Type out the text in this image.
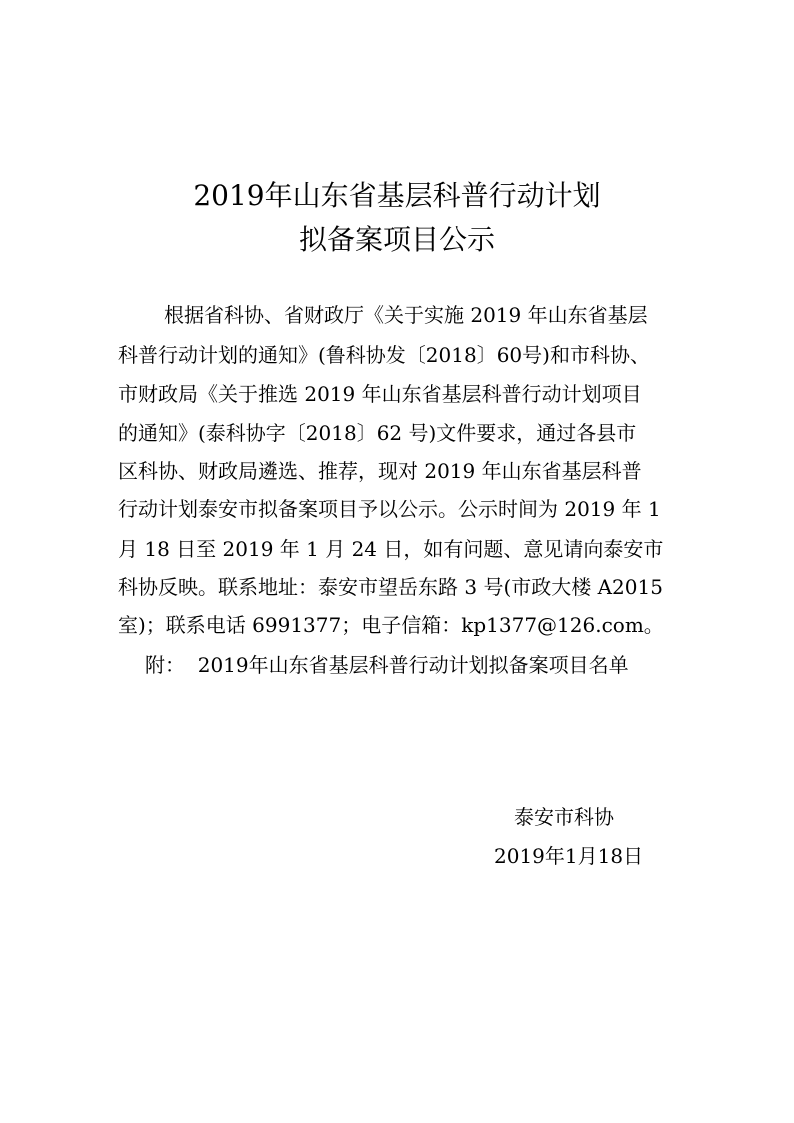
2019年山东省基层科普行动计划
拟备案项目公示
根据省科协、省财政厅《关于实施 2019 年山东省基层
科普行动计划的通知》(鲁科协发〔2018〕60号)和市科协、
市财政局《关于推选 2019 年山东省基层科普行动计划项目
的通知》(泰科协字〔2018〕62 号)文件要求，通过各县市
区科协、财政局遴选、推荐，现对 2019 年山东省基层科普
行动计划泰安市拟备案项目予以公示。公示时间为 2019 年 1
月 18 日至 2019 年 1 月 24 日，如有问题、意见请向泰安市
科协反映。联系地址：泰安市望岳东路 3 号(市政大楼 A2015
室)；联系电话 6991377；电子信箱：kp1377@126.com。
附：  2019年山东省基层科普行动计划拟备案项目名单
泰安市科协
2019年1月18日
